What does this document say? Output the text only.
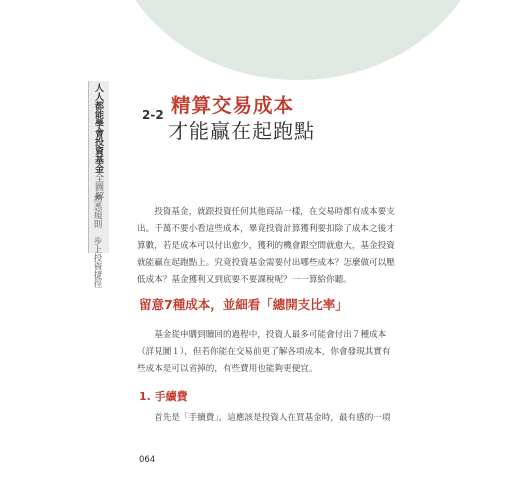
人人都能學會投資基金全圖解
熟悉規則　步上投資捷徑
2-2 精算交易成本
才能贏在起跑點
　　投資基金，就跟投資任何其他商品一樣，在交易時都有成本要支出。千萬不要小看這些成本，畢竟投資計算獲利要扣除了成本之後才算數，若是成本可以付出愈少，獲利的機會跟空間就愈大，基金投資就能贏在起跑點上。究竟投資基金需要付出哪些成本？怎麼做可以壓低成本？基金獲利又到底要不要課稅呢？一一算給你聽。
留意7種成本，並細看「總開支比率」
　　基金從申購到贖回的過程中，投資人最多可能會付出７種成本（詳見圖１），但若你能在交易前更了解各項成本，你會發現其實有些成本是可以省掉的，有些費用也能夠更便宜。
1. 手續費
　　首先是「手續費」，這應該是投資人在買基金時，最有感的一項
064
